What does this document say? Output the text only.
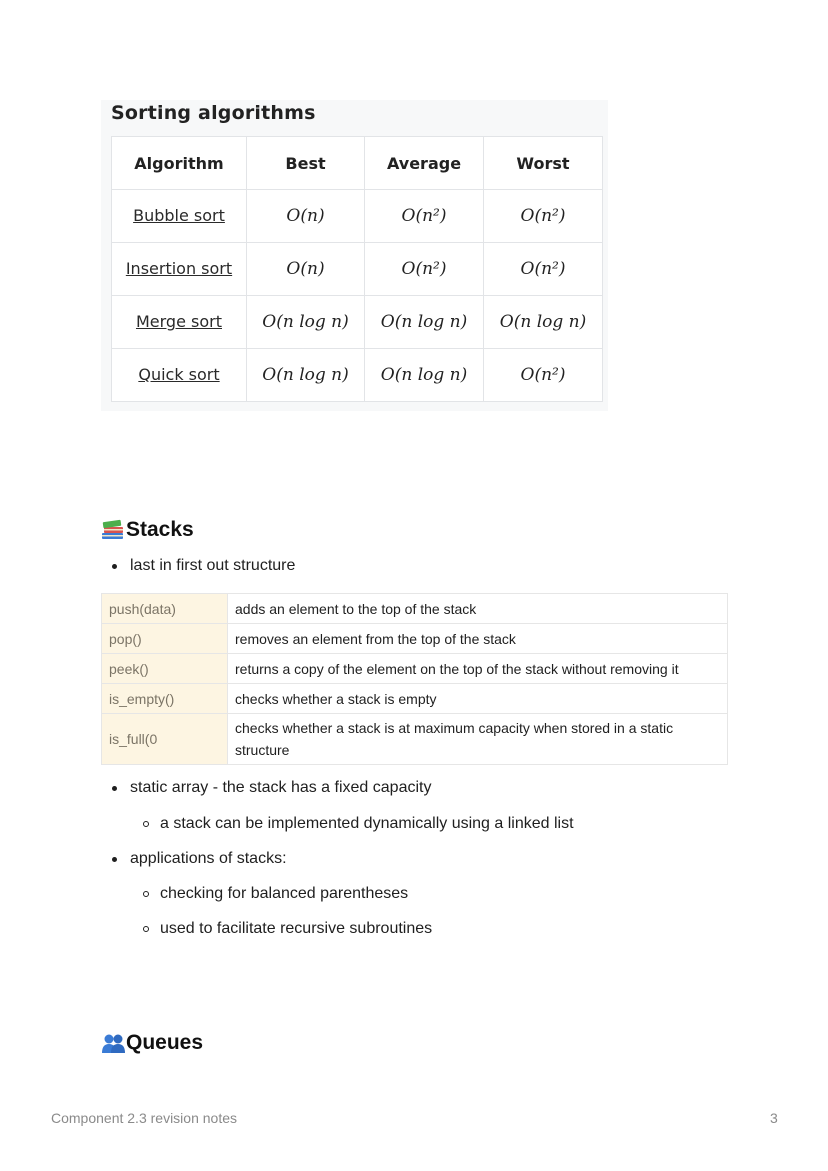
Sorting algorithms
Algorithm	Best	Average	Worst
Bubble sort	O(n)	O(n²)	O(n²)
Insertion sort	O(n)	O(n²)	O(n²)
Merge sort	O(n log n)	O(n log n)	O(n log n)
Quick sort	O(n log n)	O(n log n)	O(n²)
Stacks
last in first out structure
push(data)	adds an element to the top of the stack
pop()	removes an element from the top of the stack
peek()	returns a copy of the element on the top of the stack without removing it
is_empty()	checks whether a stack is empty
is_full(0	checks whether a stack is at maximum capacity when stored in a static structure
static array - the stack has a fixed capacity
a stack can be implemented dynamically using a linked list
applications of stacks:
checking for balanced parentheses
used to facilitate recursive subroutines
Queues
Component 2.3 revision notes	3
